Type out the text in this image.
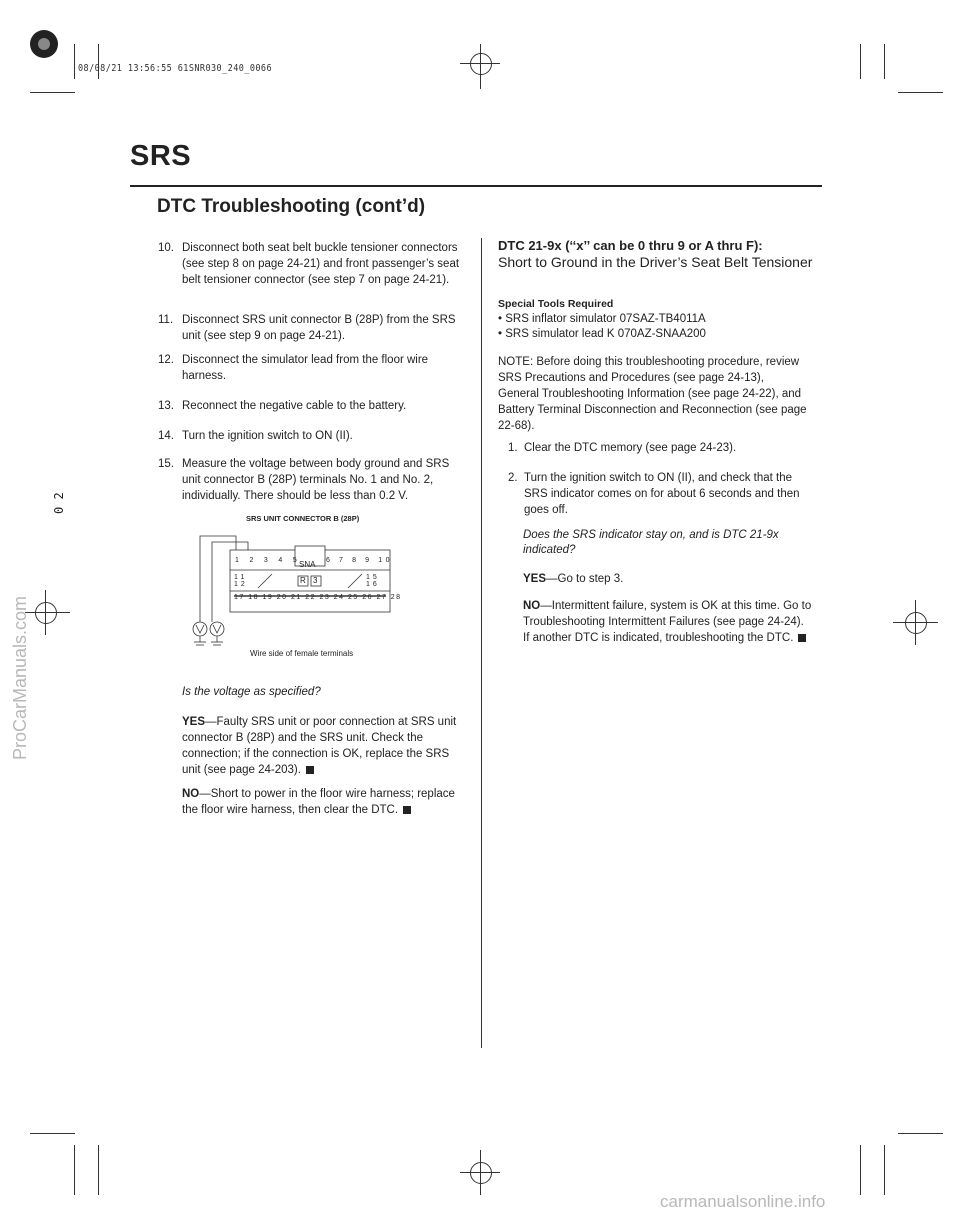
08/08/21 13:56:55 61SNR030_240_0066
SRS
DTC Troubleshooting (cont’d)
10. Disconnect both seat belt buckle tensioner connectors (see step 8 on page 24-21) and front passenger’s seat belt tensioner connector (see step 7 on page 24-21).
11. Disconnect SRS unit connector B (28P) from the SRS unit (see step 9 on page 24-21).
12. Disconnect the simulator lead from the floor wire harness.
13. Reconnect the negative cable to the battery.
14. Turn the ignition switch to ON (II).
15. Measure the voltage between body ground and SRS unit connector B (28P) terminals No. 1 and No. 2, individually. There should be less than 0.2 V.
SRS UNIT CONNECTOR B (28P)
1 2 3 4 5	6 7 8 9 10
SNA
11 12	R 3	15 16
17 18 19 20 21 22 23 24 25 26 27 28
Wire side of female terminals
Is the voltage as specified?
YES—Faulty SRS unit or poor connection at SRS unit connector B (28P) and the SRS unit. Check the connection; if the connection is OK, replace the SRS unit (see page 24-203).
NO—Short to power in the floor wire harness; replace the floor wire harness, then clear the DTC.
DTC 21-9x (‘‘x’’ can be 0 thru 9 or A thru F):
Short to Ground in the Driver’s Seat Belt Tensioner
Special Tools Required
• SRS inflator simulator 07SAZ-TB4011A
• SRS simulator lead K 070AZ-SNAA200
NOTE: Before doing this troubleshooting procedure, review SRS Precautions and Procedures (see page 24-13), General Troubleshooting Information (see page 24-22), and Battery Terminal Disconnection and Reconnection (see page 22-68).
1. Clear the DTC memory (see page 24-23).
2. Turn the ignition switch to ON (II), and check that the SRS indicator comes on for about 6 seconds and then goes off.
Does the SRS indicator stay on, and is DTC 21-9x indicated?
YES—Go to step 3.
NO—Intermittent failure, system is OK at this time. Go to Troubleshooting Intermittent Failures (see page 24-24). If another DTC is indicated, troubleshooting the DTC.
ProCarManuals.com
0 2
carmanualsonline.info
